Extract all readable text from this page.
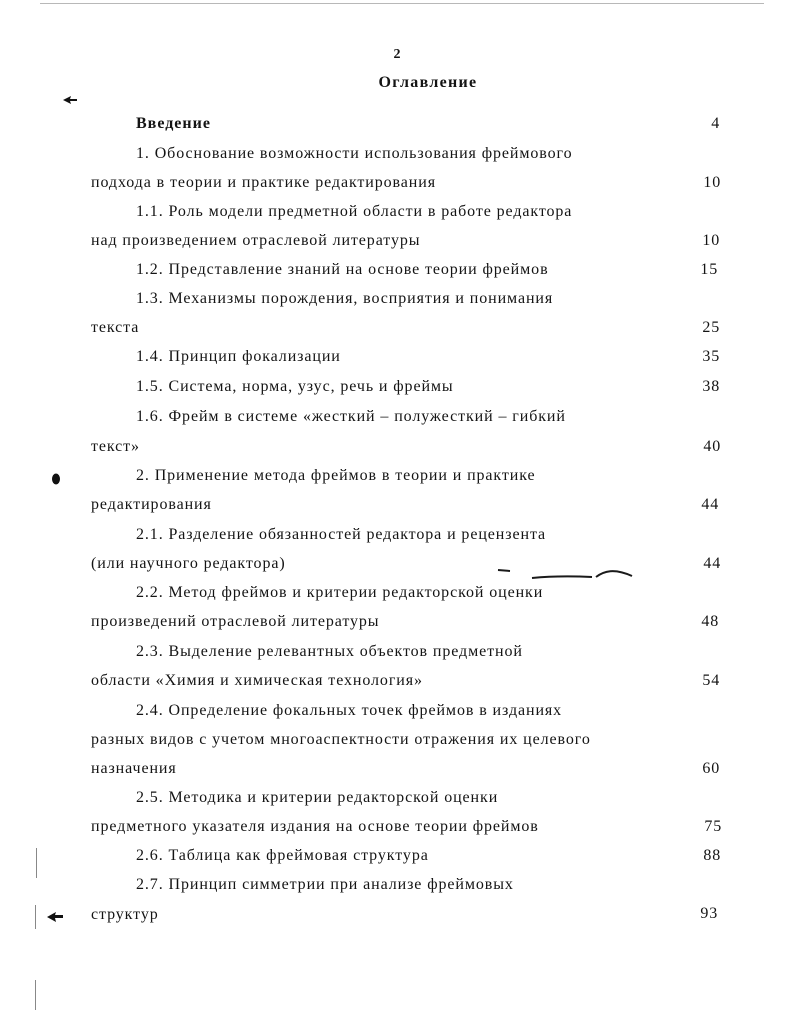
2
Оглавление
Введение	4
1. Обоснование возможности использования фреймового
подхода в теории и практике редактирования	10
1.1. Роль модели предметной области в работе редактора
над произведением отраслевой литературы	10
1.2. Представление знаний на основе теории фреймов	15
1.3. Механизмы порождения, восприятия и понимания
текста	25
1.4. Принцип фокализации	35
1.5. Система, норма, узус, речь и фреймы	38
1.6. Фрейм в системе «жесткий – полужесткий – гибкий
текст»	40
2. Применение метода фреймов в теории и практике
редактирования	44
2.1. Разделение обязанностей редактора и рецензента
(или научного редактора)	44
2.2. Метод фреймов и критерии редакторской оценки
произведений отраслевой литературы	48
2.3. Выделение релевантных объектов предметной
области «Химия и химическая технология»	54
2.4. Определение фокальных точек фреймов в изданиях
разных видов с учетом многоаспектности отражения их целевого
назначения	60
2.5. Методика и критерии редакторской оценки
предметного указателя издания на основе теории фреймов	75
2.6. Таблица как фреймовая структура	88
2.7. Принцип симметрии при анализе фреймовых
структур	93
